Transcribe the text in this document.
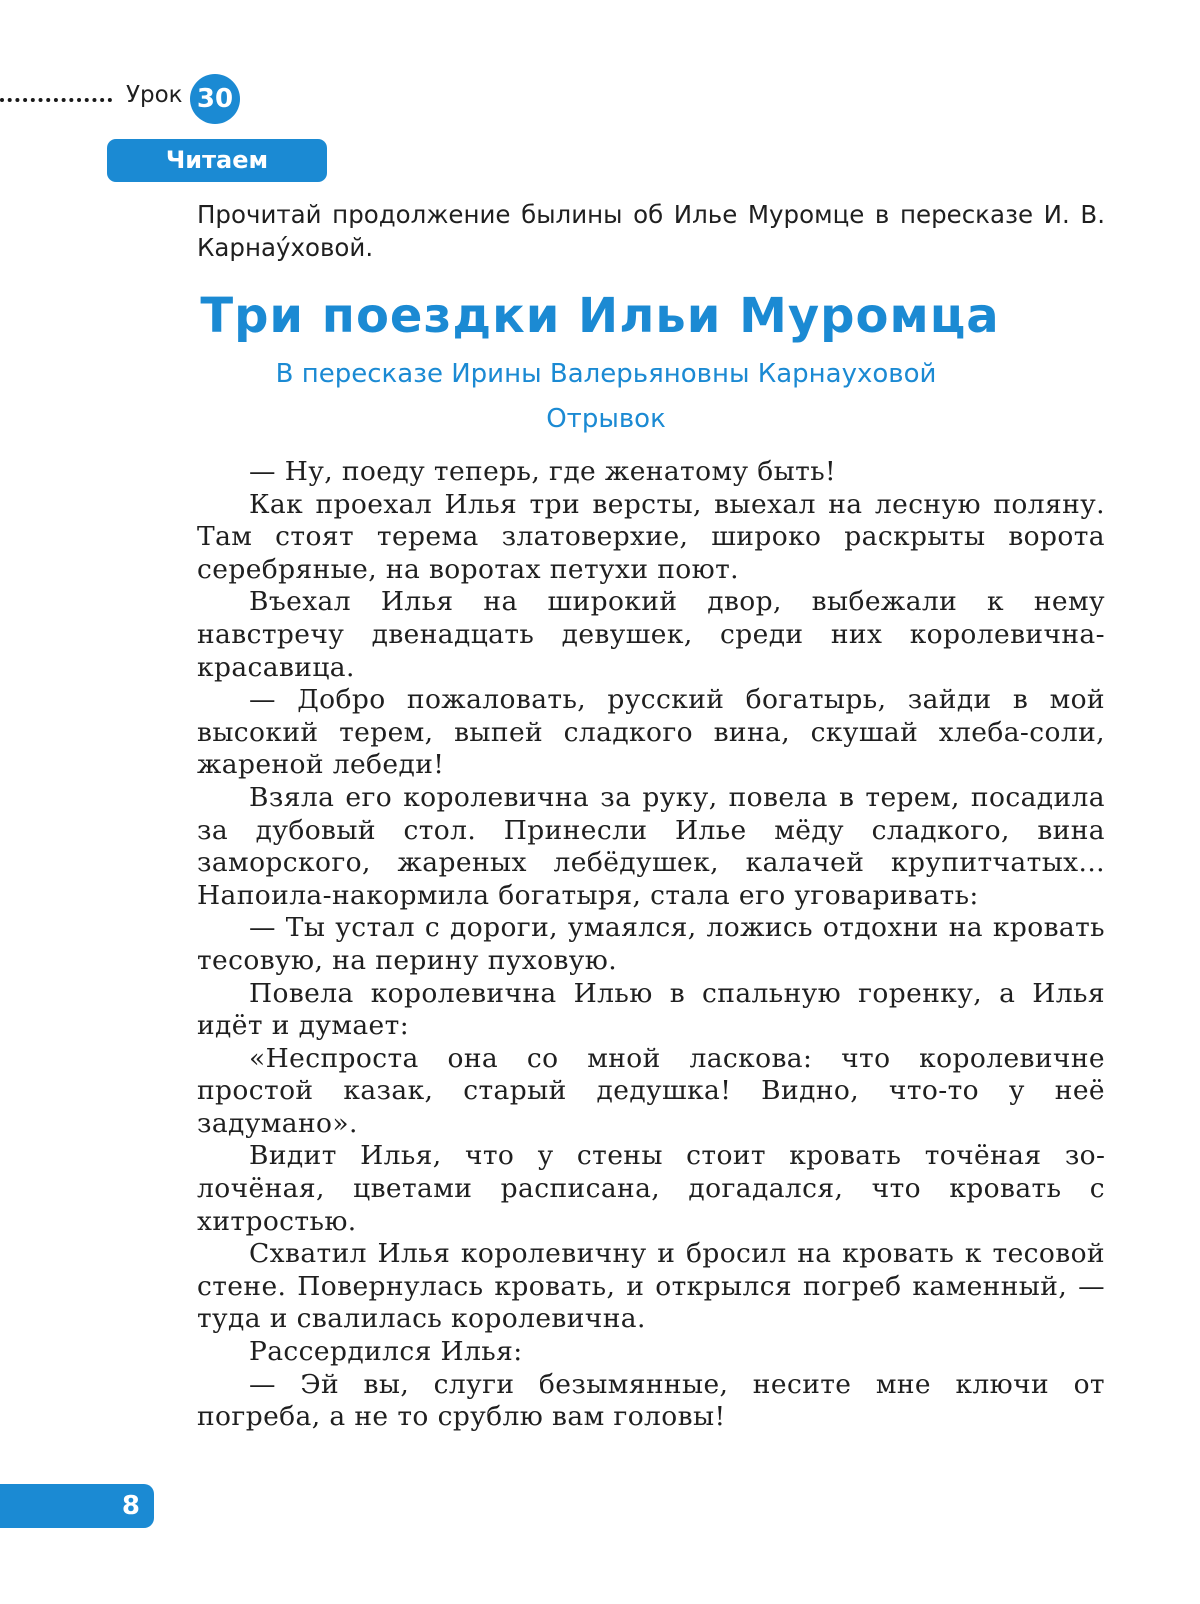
Урок 30
Читаем

Прочитай продолжение былины об Илье Муромце в пересказе И. В. Карнау́ховой.

Три поездки Ильи Муромца
В пересказе Ирины Валерьяновны Карнауховой
Отрывок

— Ну, поеду теперь, где женатому быть!

Как проехал Илья три версты, выехал на лесную поляну. Там стоят терема златоверхие, широко раскрыты ворота серебряные, на воротах петухи поют.

Въехал Илья на широкий двор, выбежали к нему навстречу двенадцать девушек, среди них королевична-красавица.

— Добро пожаловать, русский богатырь, зайди в мой высокий терем, выпей сладкого вина, скушай хлеба-соли, жареной лебеди!

Взяла его королевична за руку, повела в терем, посадила за дубовый стол. Принесли Илье мёду сладкого, вина заморского, жареных лебёдушек, калачей крупитчатых... Напоила-накормила богатыря, стала его уговаривать:

— Ты устал с дороги, умаялся, ложись отдохни на кровать тесовую, на перину пуховую.

Повела королевична Илью в спальную горенку, а Илья идёт и думает:

«Неспроста она со мной ласкова: что королевичне простой казак, старый дедушка! Видно, что-то у неё задумано».

Видит Илья, что у стены стоит кровать точёная золочёная, цветами расписана, догадался, что кровать с хитростью.

Схватил Илья королевичну и бросил на кровать к тесовой стене. Повернулась кровать, и открылся погреб каменный, — туда и свалилась королевична.

Рассердился Илья:

— Эй вы, слуги безымянные, несите мне ключи от погреба, а не то срублю вам головы!

8
